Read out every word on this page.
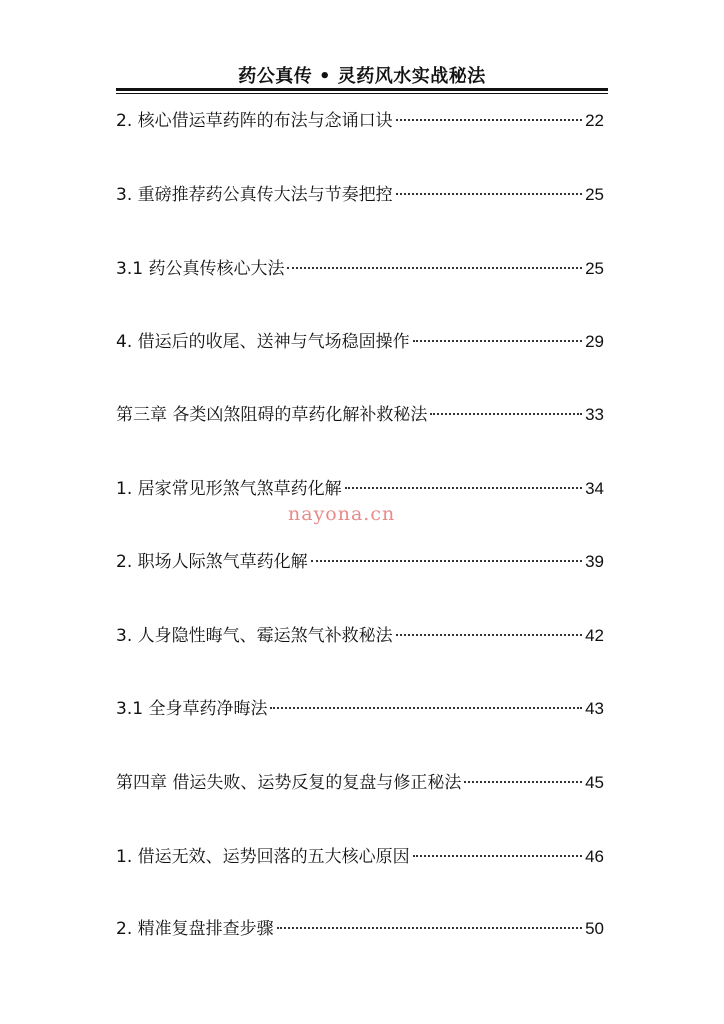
药公真传 • 灵药风水实战秘法
2. 核心借运草药阵的布法与念诵口诀	22
3. 重磅推荐药公真传大法与节奏把控	25
3.1 药公真传核心大法	25
4. 借运后的收尾、送神与气场稳固操作	29
第三章 各类凶煞阻碍的草药化解补救秘法	33
1. 居家常见形煞气煞草药化解	34
2. 职场人际煞气草药化解	39
3. 人身隐性晦气、霉运煞气补救秘法	42
3.1 全身草药净晦法	43
第四章 借运失败、运势反复的复盘与修正秘法	45
1. 借运无效、运势回落的五大核心原因	46
2. 精准复盘排查步骤	50
nayona.cn
